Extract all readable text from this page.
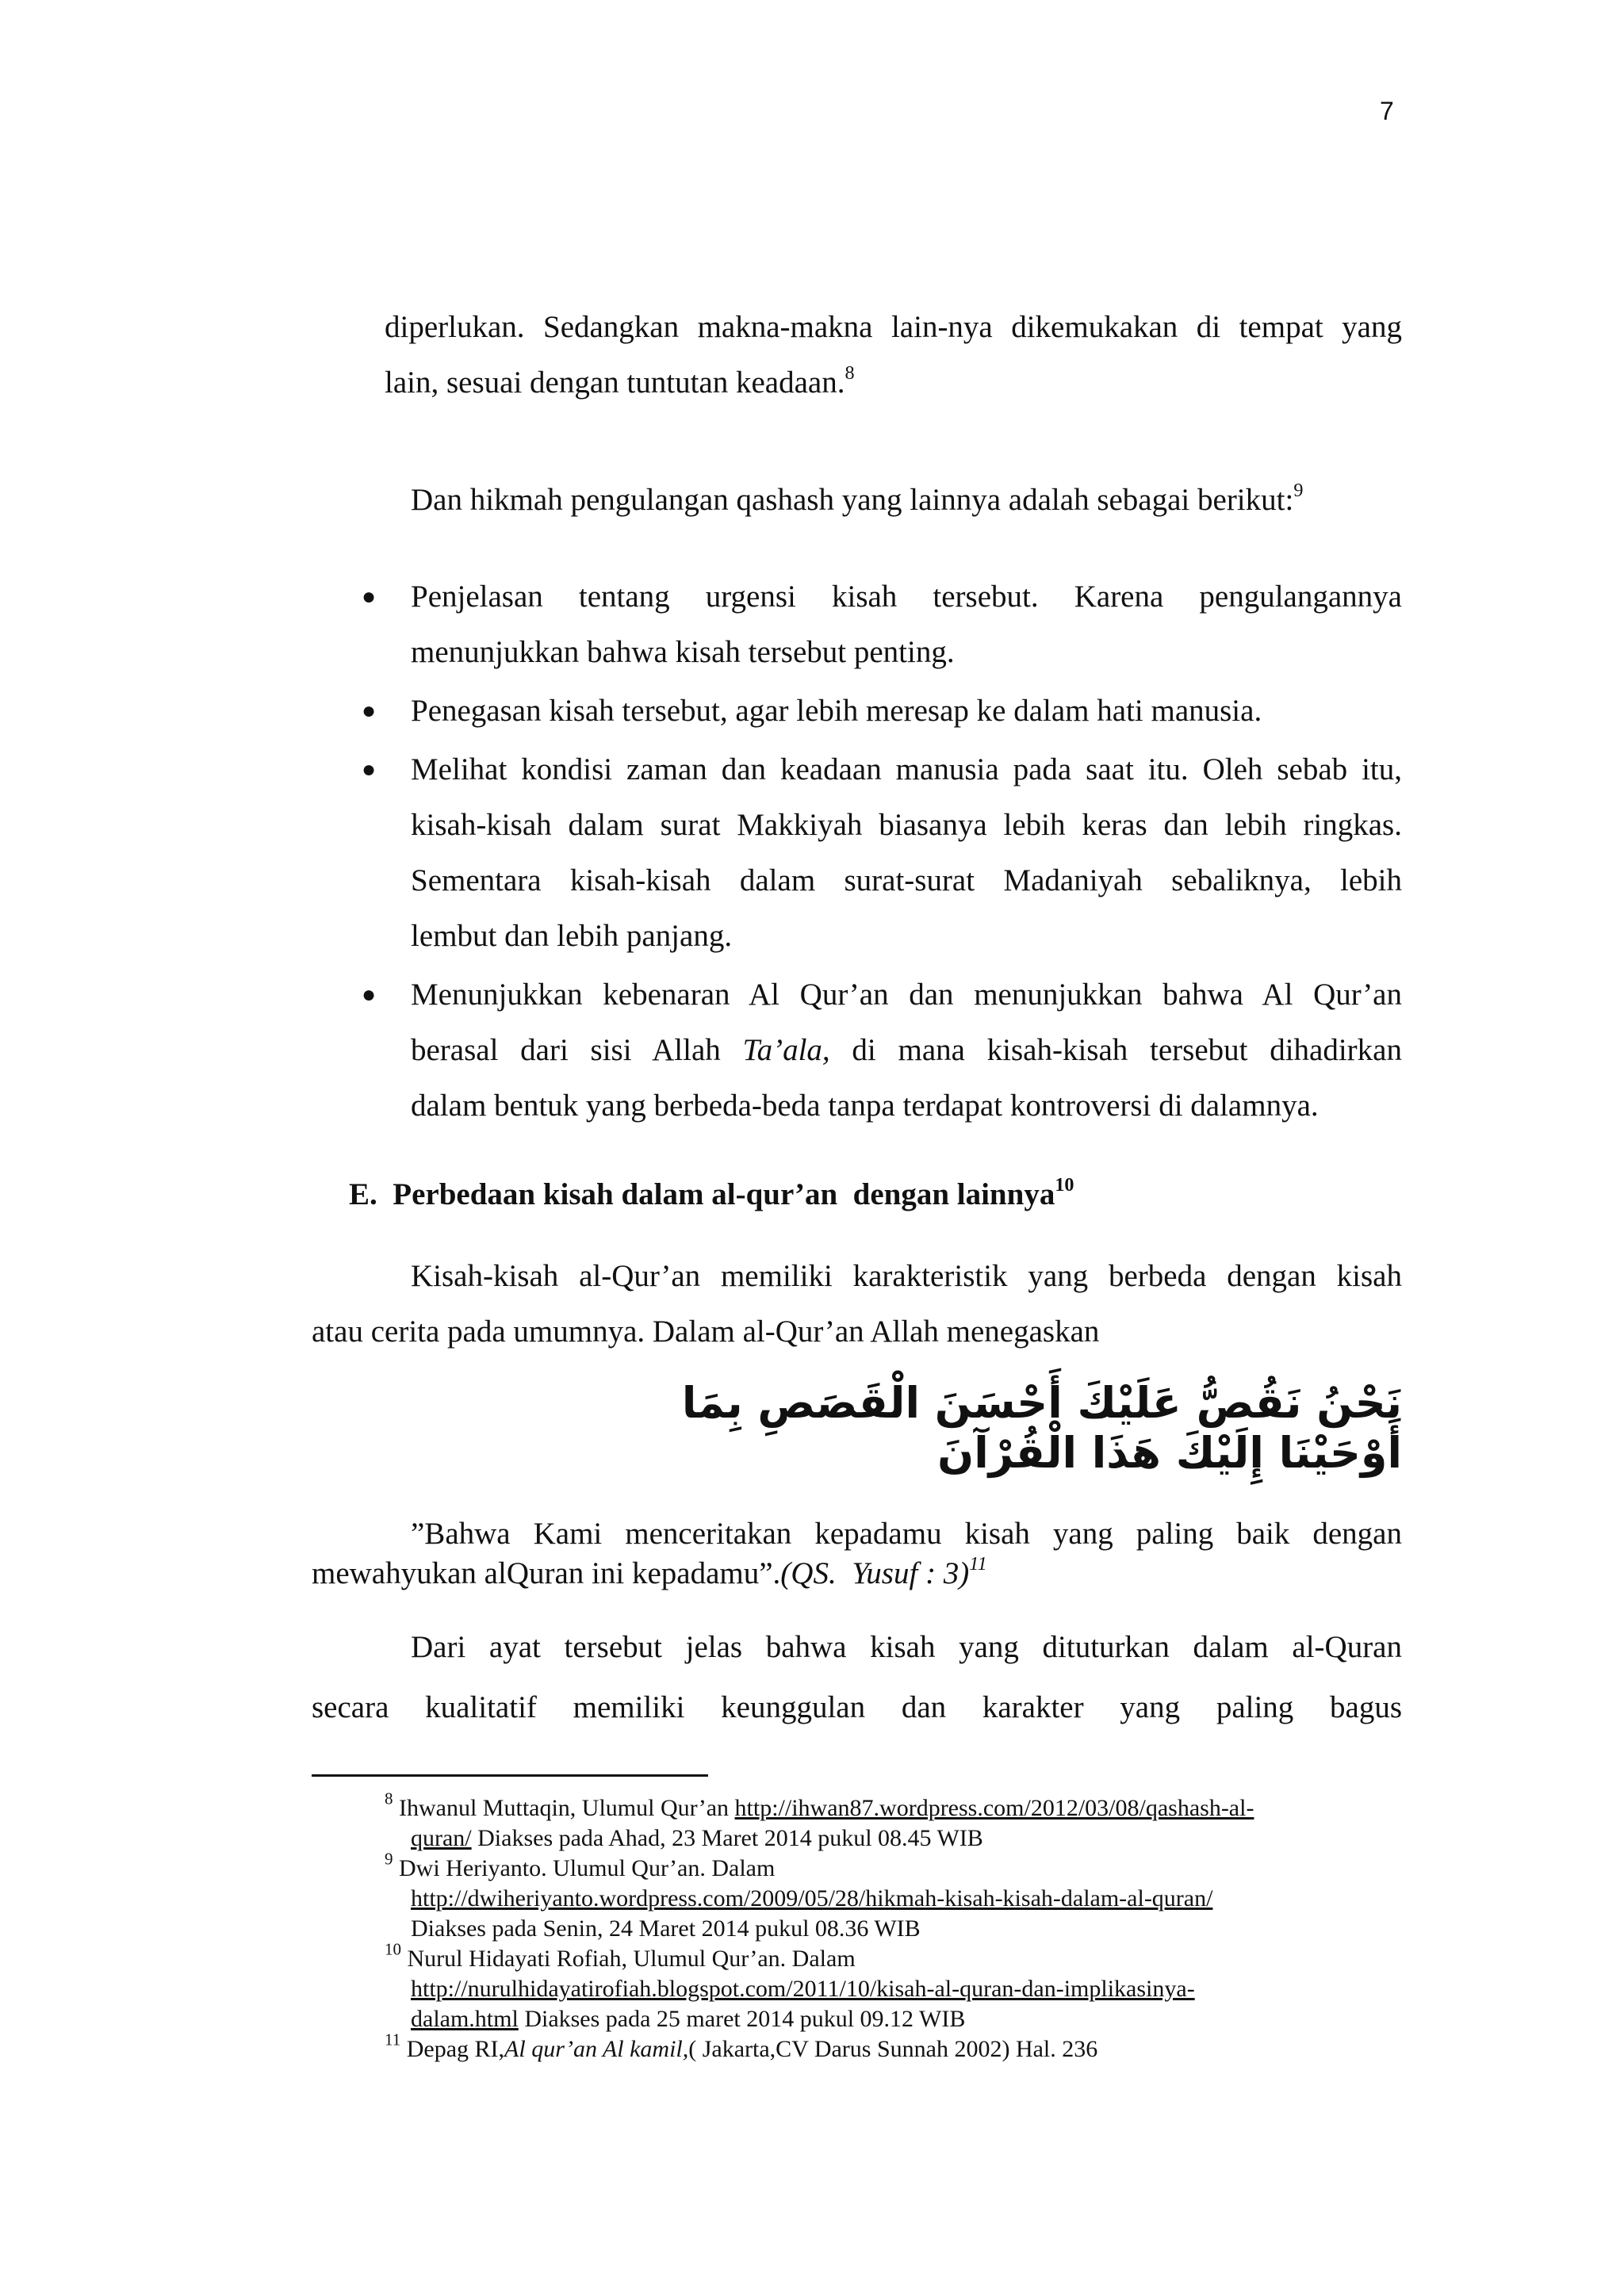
7
diperlukan. Sedangkan makna-makna lain-nya dikemukakan di tempat yang
lain, sesuai dengan tuntutan keadaan.$^8$
Dan hikmah pengulangan qashash yang lainnya adalah sebagai berikut:$^9$
● Penjelasan tentang urgensi kisah tersebut. Karena pengulangannya
menunjukkan bahwa kisah tersebut penting.
● Penegasan kisah tersebut, agar lebih meresap ke dalam hati manusia.
● Melihat kondisi zaman dan keadaan manusia pada saat itu. Oleh sebab itu,
kisah-kisah dalam surat Makkiyah biasanya lebih keras dan lebih ringkas.
Sementara kisah-kisah dalam surat-surat Madaniyah sebaliknya, lebih
lembut dan lebih panjang.
● Menunjukkan kebenaran Al Qur’an dan menunjukkan bahwa Al Qur’an
berasal dari sisi Allah Ta’ala, di mana kisah-kisah tersebut dihadirkan
dalam bentuk yang berbeda-beda tanpa terdapat kontroversi di dalamnya.
E.  Perbedaan kisah dalam al-qur’an  dengan lainnya$^{10}$
Kisah-kisah al-Qur’an memiliki karakteristik yang berbeda dengan kisah
atau cerita pada umumnya. Dalam al-Qur’an Allah menegaskan
نَحْنُ نَقُصُّ عَلَيْكَ أَحْسَنَ الْقَصَصِ بِمَا أَوْحَيْنَا إِلَيْكَ هَذَا الْقُرْآنَ
”Bahwa Kami menceritakan kepadamu kisah yang paling baik dengan
mewahyukan alQuran ini kepadamu”.(QS.  Yusuf : 3)$^{11}$
Dari ayat tersebut jelas bahwa kisah yang dituturkan dalam al-Quran
secara kualitatif memiliki keunggulan dan karakter yang paling bagus
$^8$ Ihwanul Muttaqin, Ulumul Qur’an http://ihwan87.wordpress.com/2012/03/08/qashash-al-
quran/ Diakses pada Ahad, 23 Maret 2014 pukul 08.45 WIB
$^9$ Dwi Heriyanto. Ulumul Qur’an. Dalam
http://dwiheriyanto.wordpress.com/2009/05/28/hikmah-kisah-kisah-dalam-al-quran/
Diakses pada Senin, 24 Maret 2014 pukul 08.36 WIB
$^{10}$ Nurul Hidayati Rofiah, Ulumul Qur’an. Dalam
http://nurulhidayatirofiah.blogspot.com/2011/10/kisah-al-quran-dan-implikasinya-
dalam.html Diakses pada 25 maret 2014 pukul 09.12 WIB
$^{11}$ Depag RI,Al qur’an Al kamil,( Jakarta,CV Darus Sunnah 2002) Hal. 236
